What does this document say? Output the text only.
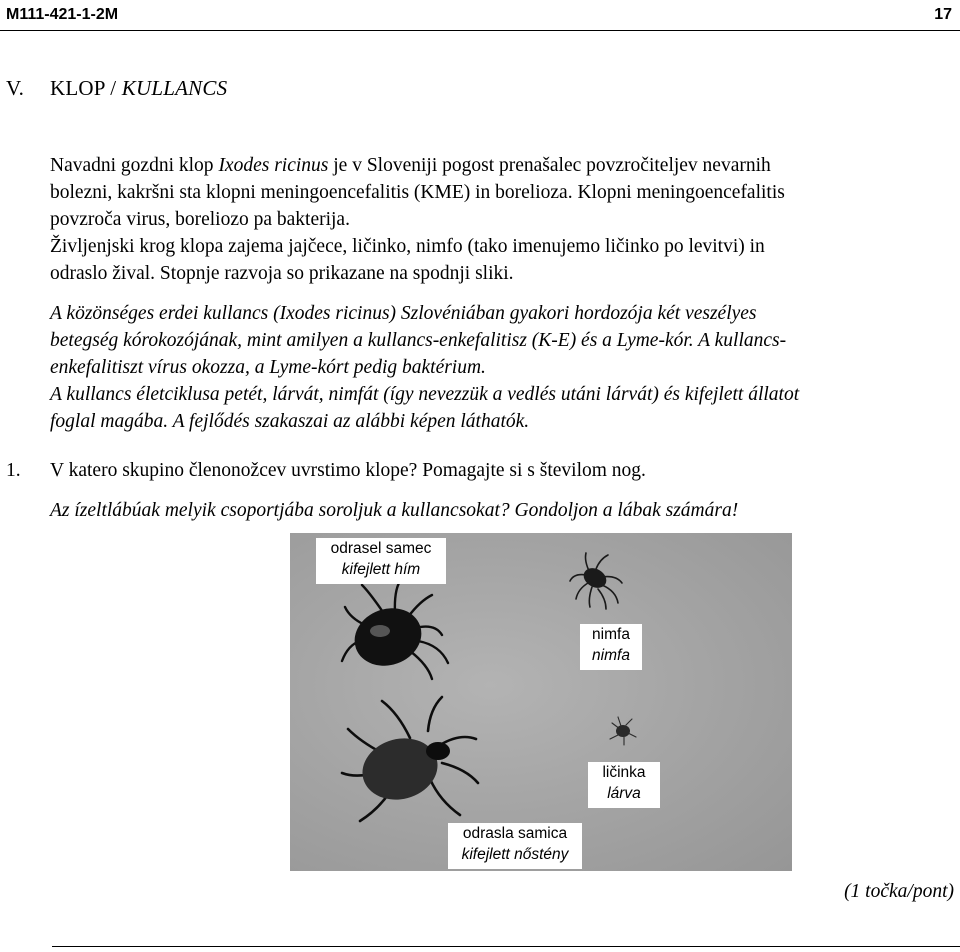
M111-421-1-2M	17
V. KLOP / KULLANCS
Navadni gozdni klop Ixodes ricinus je v Sloveniji pogost prenašalec povzročiteljev nevarnih
bolezni, kakršni sta klopni meningoencefalitis (KME) in borelioza. Klopni meningoencefalitis
povzroča virus, boreliozo pa bakterija.
Življenjski krog klopa zajema jajčece, ličinko, nimfo (tako imenujemo ličinko po levitvi) in
odraslo žival. Stopnje razvoja so prikazane na spodnji sliki.
A közönséges erdei kullancs (Ixodes ricinus) Szlovéniában gyakori hordozója két veszélyes
betegség kórokozójának, mint amilyen a kullancs-enkefalitisz (K-E) és a Lyme-kór. A kullancs-
enkefalitiszt vírus okozza, a Lyme-kórt pedig baktérium.
A kullancs életciklusa petét, lárvát, nimfát (így nevezzük a vedlés utáni lárvát) és kifejlett állatot
foglal magába. A fejlődés szakaszai az alábbi képen láthatók.
1. V katero skupino členonožcev uvrstimo klope? Pomagajte si s številom nog.
Az ízeltlábúak melyik csoportjába soroljuk a kullancsokat? Gondoljon a lábak számára!
odrasel samec
kifejlett hím
nimfa
nimfa
ličinka
lárva
odrasla samica
kifejlett nőstény
(1 točka/pont)
